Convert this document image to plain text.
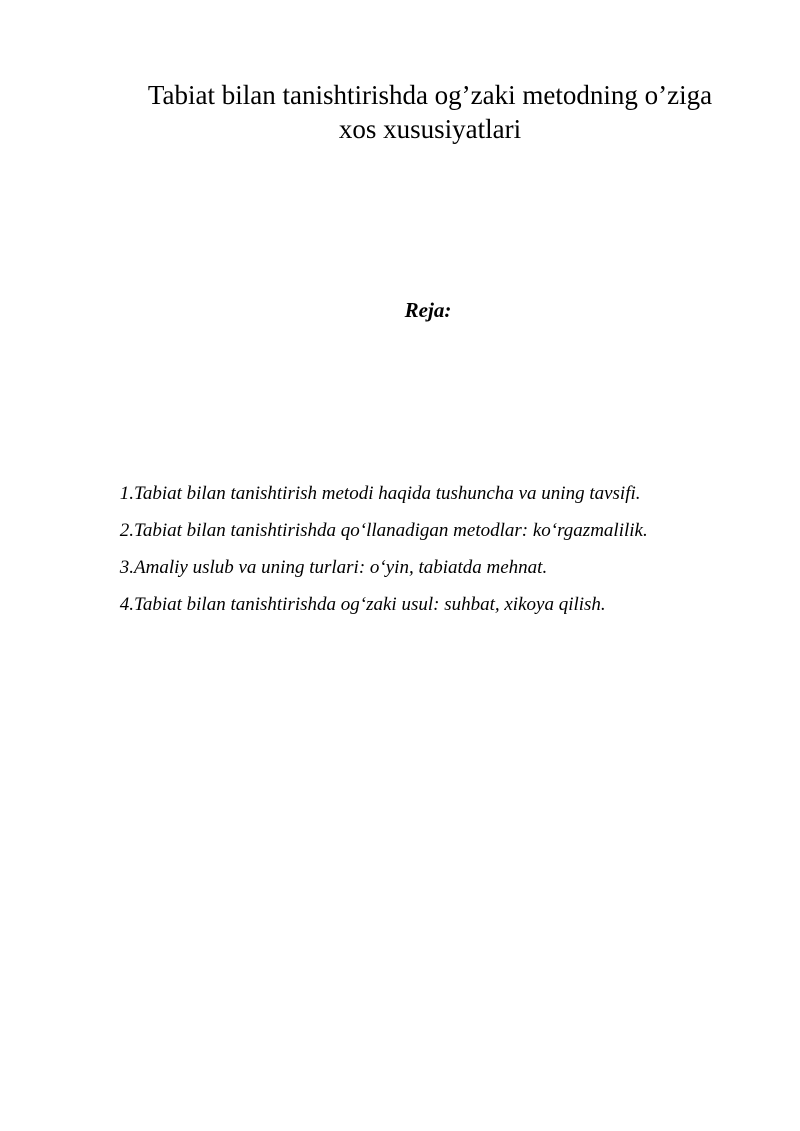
Tabiat bilan tanishtirishda og’zaki metodning o’ziga
xos xususiyatlari
Reja:
1. Tabiat bilan tanishtirish metodi haqida tushuncha va uning tavsifi.
2. Tabiat bilan tanishtirishda qo‘llanadigan metodlar: ko‘rgazmalilik.
3. Amaliy uslub va uning turlari: o‘yin, tabiatda mehnat.
4. Tabiat bilan tanishtirishda og‘zaki usul: suhbat, xikoya qilish.
